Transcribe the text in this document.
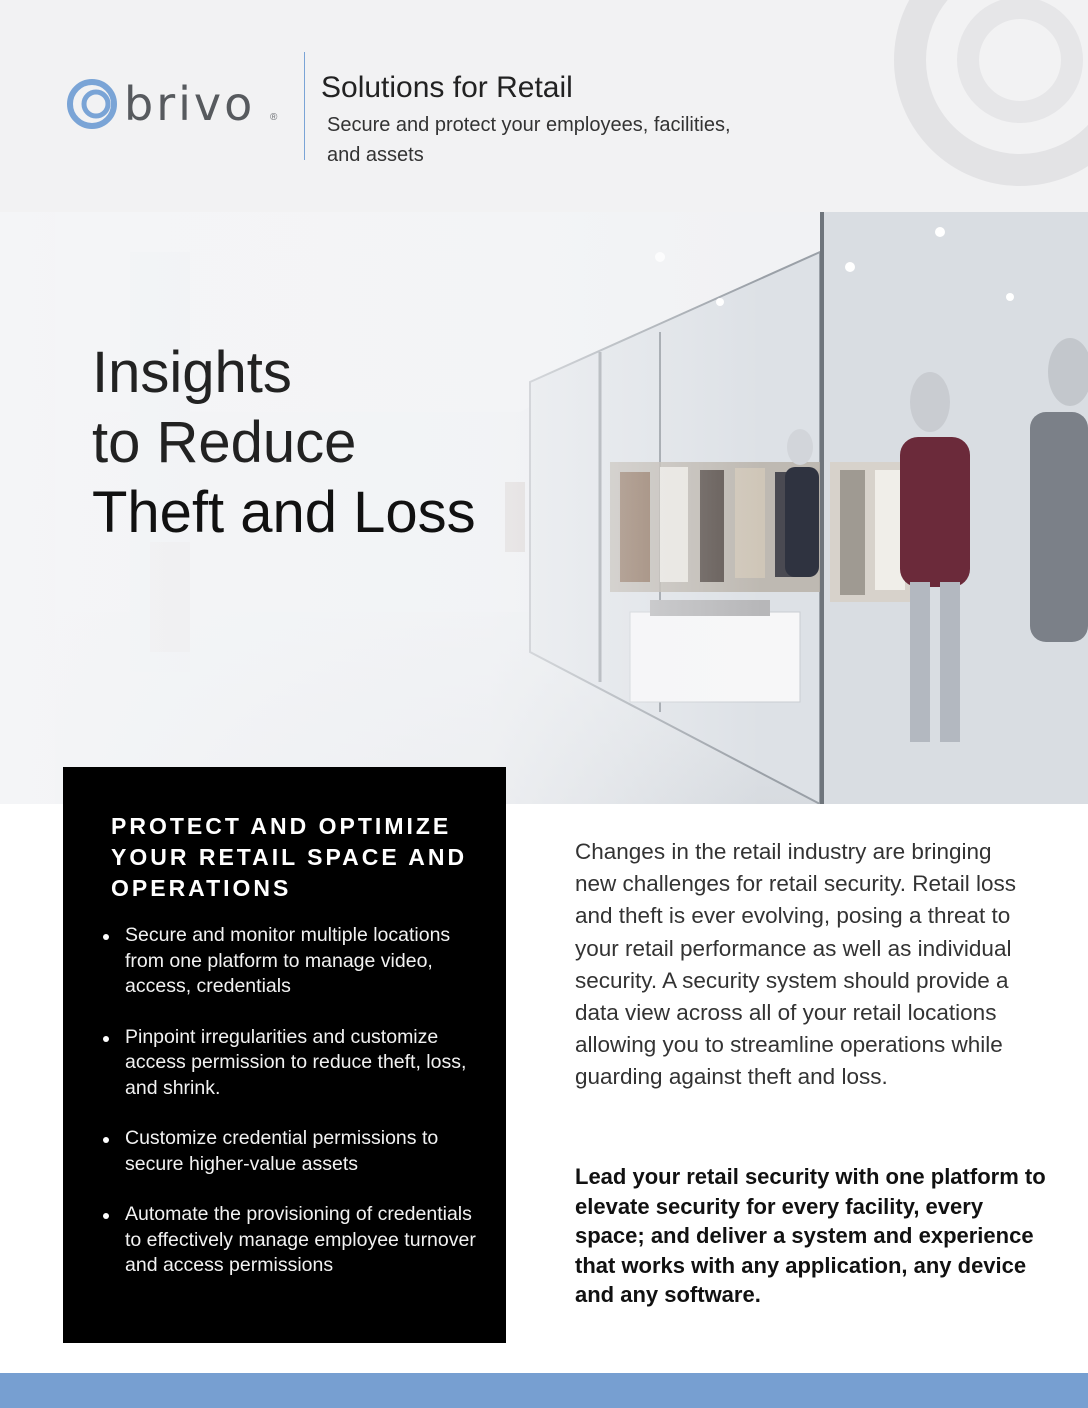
brivo ®
Solutions for Retail
Secure and protect your employees, facilities, and assets
Insights
to Reduce
Theft and Loss
PROTECT AND OPTIMIZE YOUR RETAIL SPACE AND OPERATIONS
Secure and monitor multiple locations from one platform to manage video, access, credentials
Pinpoint irregularities and customize access permission to reduce theft, loss, and shrink.
Customize credential permissions to secure higher-value assets
Automate the provisioning of credentials to effectively manage employee turnover and access permissions
Changes in the retail industry are bringing new challenges for retail security. Retail loss and theft is ever evolving, posing a threat to your retail performance as well as individual security. A security system should provide a data view across all of your retail locations allowing you to streamline operations while guarding against theft and loss.
Lead your retail security with one platform to elevate security for every facility, every space; and deliver a system and experience that works with any application, any device and any software.
